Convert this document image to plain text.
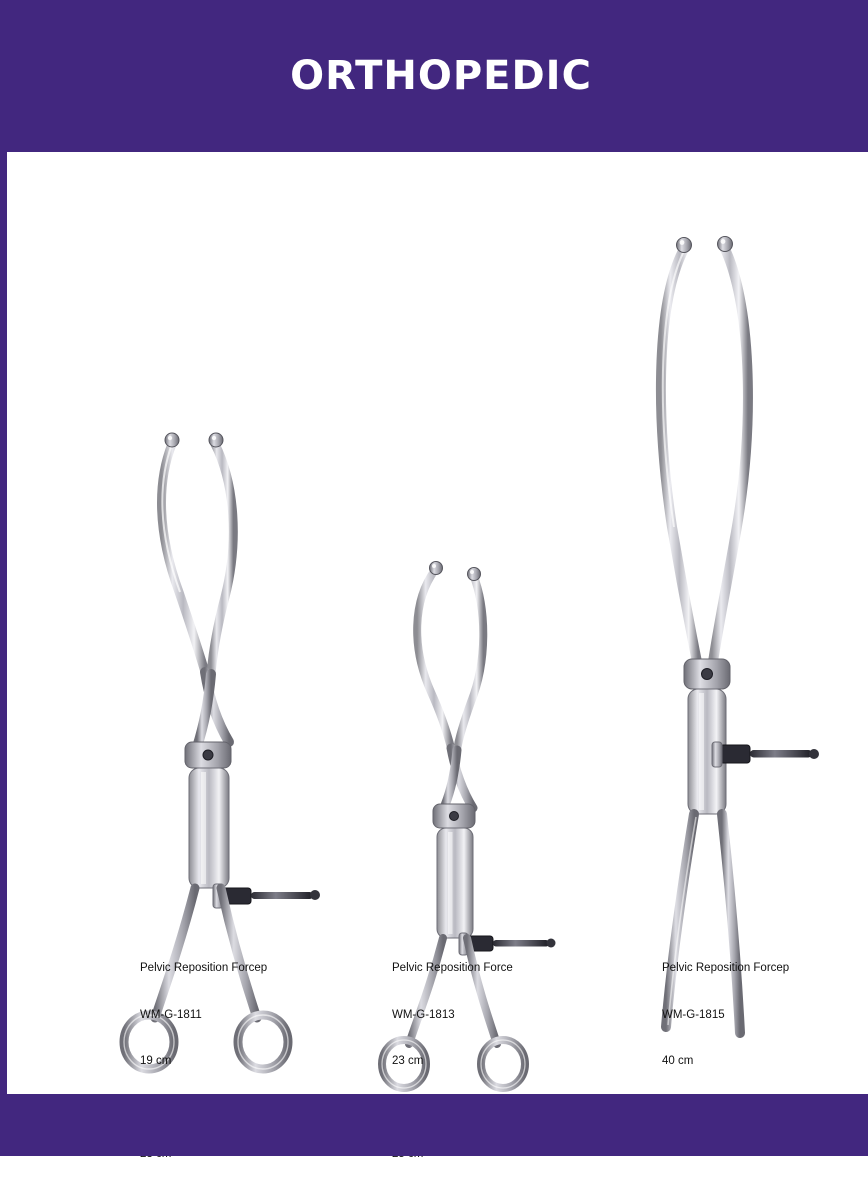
ORTHOPEDIC

Pelvic Reposition Forcep

WM-G-1811

19 cm

Pelvic Reposition Force

WM-G-1813

23 cm

Pelvic Reposition Forcep

WM-G-1815

40 cm
